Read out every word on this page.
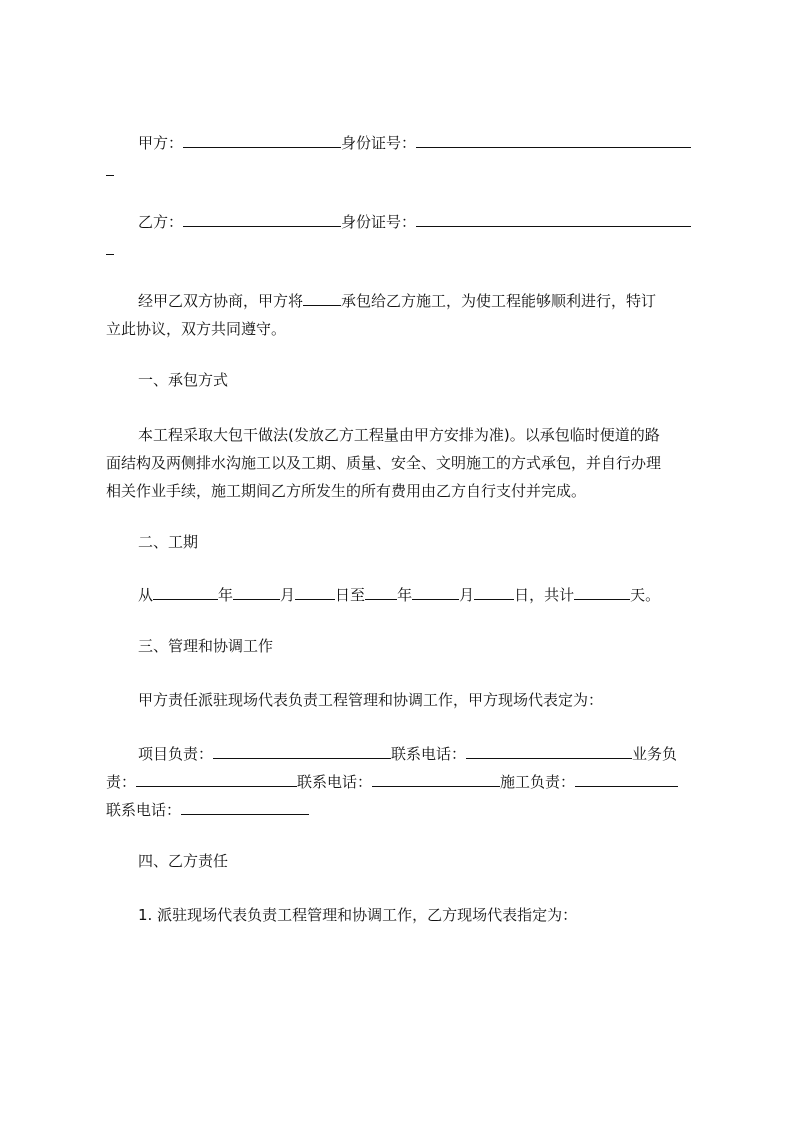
甲方：	身份证号：
乙方：	身份证号：
经甲乙双方协商，甲方将	承包给乙方施工，为使工程能够顺利进行，特订
立此协议，双方共同遵守。
一、承包方式
本工程采取大包干做法(发放乙方工程量由甲方安排为准)。以承包临时便道的路
面结构及两侧排水沟施工以及工期、质量、安全、文明施工的方式承包，并自行办理
相关作业手续，施工期间乙方所发生的所有费用由乙方自行支付并完成。
二、工期
从	年	月	日至 年	月	日，共计	天。
三、管理和协调工作
甲方责任派驻现场代表负责工程管理和协调工作，甲方现场代表定为：
项目负责：	联系电话：	业务负
责：	联系电话：	施工负责：
联系电话：
四、乙方责任
1. 派驻现场代表负责工程管理和协调工作，乙方现场代表指定为：
